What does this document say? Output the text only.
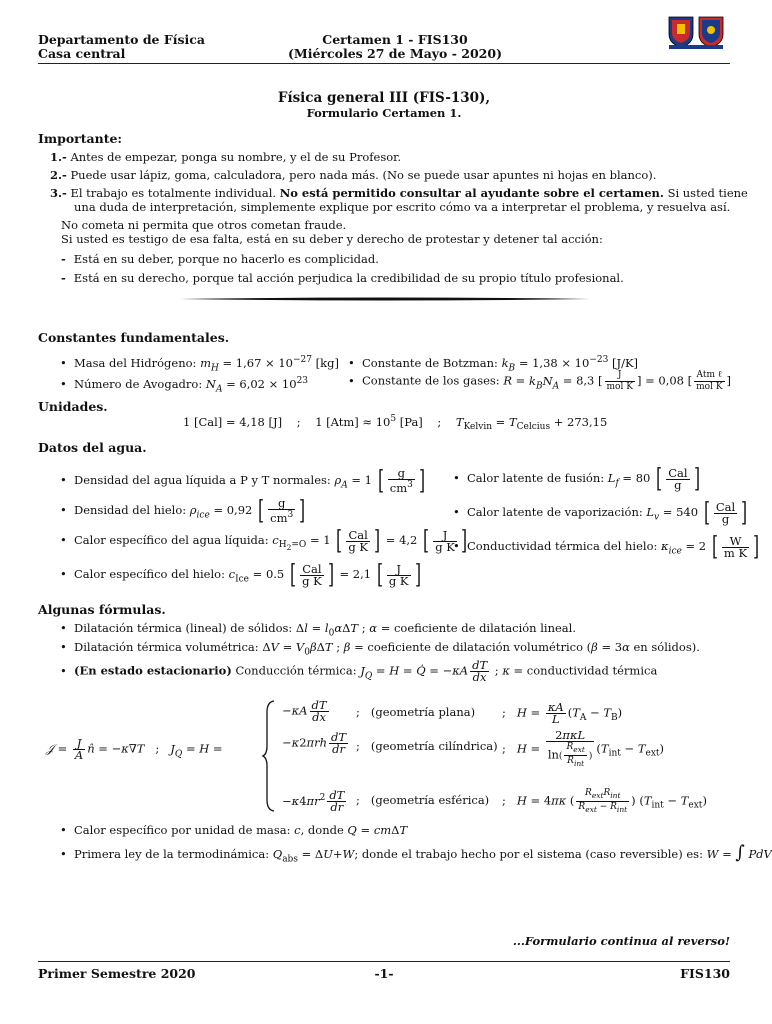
Departamento de Física
Casa central
Certamen 1 - FIS130
(Miércoles 27 de Mayo - 2020)
Física general III (FIS-130),
Formulario Certamen 1.
Importante:
1.- Antes de empezar, ponga su nombre, y el de su Profesor.
2.- Puede usar lápiz, goma, calculadora, pero nada más. (No se puede usar apuntes ni hojas en blanco).
3.- El trabajo es totalmente individual. No está permitido consultar al ayudante sobre el certamen. Si usted tiene
una duda de interpretación, simplemente explique por escrito cómo va a interpretar el problema, y resuelva así.
No cometa ni permita que otros cometan fraude.
Si usted es testigo de esa falta, está en su deber y derecho de protestar y detener tal acción:
-  Está en su deber, porque no hacerlo es complicidad.
-  Está en su derecho, porque tal acción perjudica la credibilidad de su propio título profesional.
Constantes fundamentales.
• Masa del Hidrógeno: $m_H = 1,67 \times 10^{-27}$ [kg]
• Número de Avogadro: $N_A = 6,02 \times 10^{23}$
• Constante de Botzman: $k_B = 1,38 \times 10^{-23}$ [J/K]
• Constante de los gases: $R = k_BN_A = 8,3$ [ $\frac{J}{\text{mol K}}$ ] = 0,08 [ $\frac{\text{Atm ℓ}}{\text{mol K}}$ ]
Unidades.
1 [Cal] = 4,18 [J]    ;    1 $[Atm] \approx 10^5$ [Pa]    ;    $T_{Kelvin} = T_{Celcius} + 273,15$
Datos del agua.
• Densidad del agua líquida a P y T normales: $\rho_A = 1$ [ $\frac{g}{cm^3}$ ]
• Densidad del hielo: $\rho_{ice} = 0,92$ [ $\frac{g}{cm^3}$ ]
• Calor específico del agua líquida: $c_{H_2=O} = 1$ [ $\frac{\text{Cal}}{\text{g K}}$ ] = 4,2 [ $\frac{J}{\text{g K}}$ ]
• Calor específico del hielo: $c_{Ice} = 0.5$ [ $\frac{\text{Cal}}{\text{g K}}$ ] = 2,1 [ $\frac{J}{\text{g K}}$ ]
• Calor latente de fusión: $L_f = 80$ [ $\frac{\text{Cal}}{g}$ ]
• Calor latente de vaporización: $L_v = 540$ [ $\frac{\text{Cal}}{g}$ ]
• Conductividad térmica del hielo: $\kappa_{ice} = 2$ [ $\frac{W}{\text{m K}}$ ]
Algunas fórmulas.
• Dilatación térmica (lineal) de sólidos: $\Delta l = l_0\alpha\Delta T$ ; α = coeficiente de dilatación lineal.
• Dilatación térmica volumétrica: $\Delta V = V_0\beta\Delta T$ ; β = coeficiente de dilatación volumétrico (β = 3α en sólidos).
• (En estado estacionario) Conducción térmica: $J_Q = H$ = Q̇ = $-\kappa A \frac{dT}{dx}$ ; κ = conductividad térmica
𝒥 = $\frac{J}{A}$ n̂ = −κ∇T   ;   $J_Q = H$ =
$-\kappa A \frac{dT}{dx}$ ;   (geometría plana) ;   $H = \frac{\kappa A}{L} (T_A - T_B)$
$-\kappa 2\pi rh \frac{dT}{dr}$ ;   (geometría cilíndrica) ;   $H = \frac{\text{2πκL}}{\ln( \frac{R_{ext}}{R_{int}} )} (T_{int} - T_{ext})$
$-\kappa 4\pi r^2 \frac{dT}{dr}$ ;   (geometría esférica) ;   H = 4πκ ( $\frac{R_{ext}R_{int}}{R_{ext} - R_{int}}$ ) $(T_{int} - T_{ext})$
• Calor específico por unidad de masa: c, donde Q = cmΔT
• Primera ley de la termodinámica: $Q_{abs} = \Delta U+W$; donde el trabajo hecho por el sistema (caso reversible) es: W = ∫ PdV
...Formulario continua al reverso!
Primer Semestre 2020	-1-	FIS130
